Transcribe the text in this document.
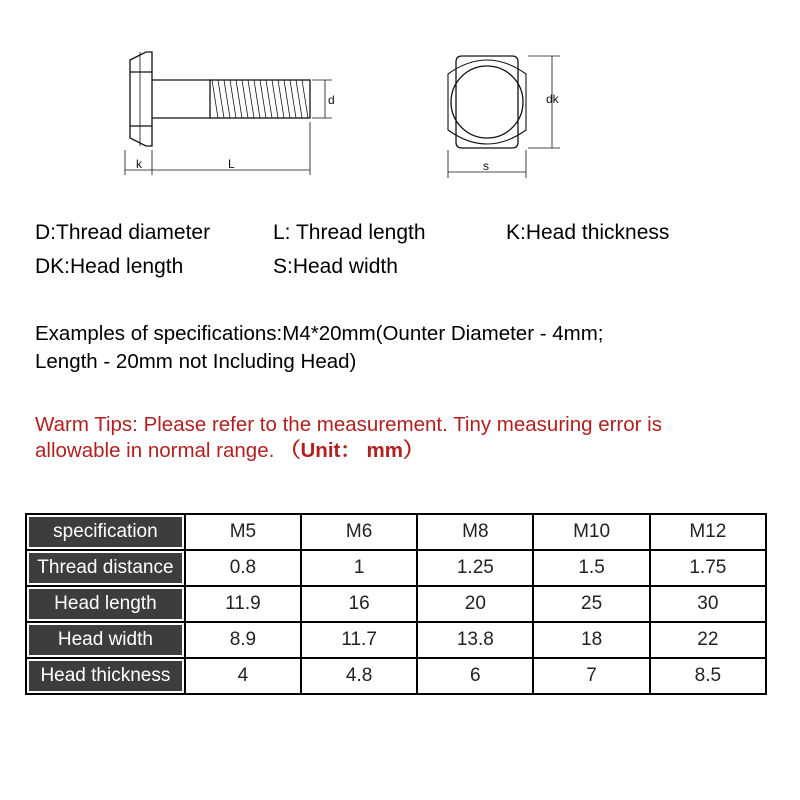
d
k	L
dk
s
D:Thread diameter	L: Thread length	K:Head thickness
DK:Head length	S:Head width
Examples of specifications:M4*20mm(Ounter Diameter - 4mm;
Length - 20mm not Including Head)
Warm Tips: Please refer to the measurement. Tiny measuring error is
allowable in normal range. （Unit： mm）
specification	M5	M6	M8	M10	M12
Thread distance	0.8	1	1.25	1.5	1.75
Head length	11.9	16	20	25	30
Head width	8.9	11.7	13.8	18	22
Head thickness	4	4.8	6	7	8.5
